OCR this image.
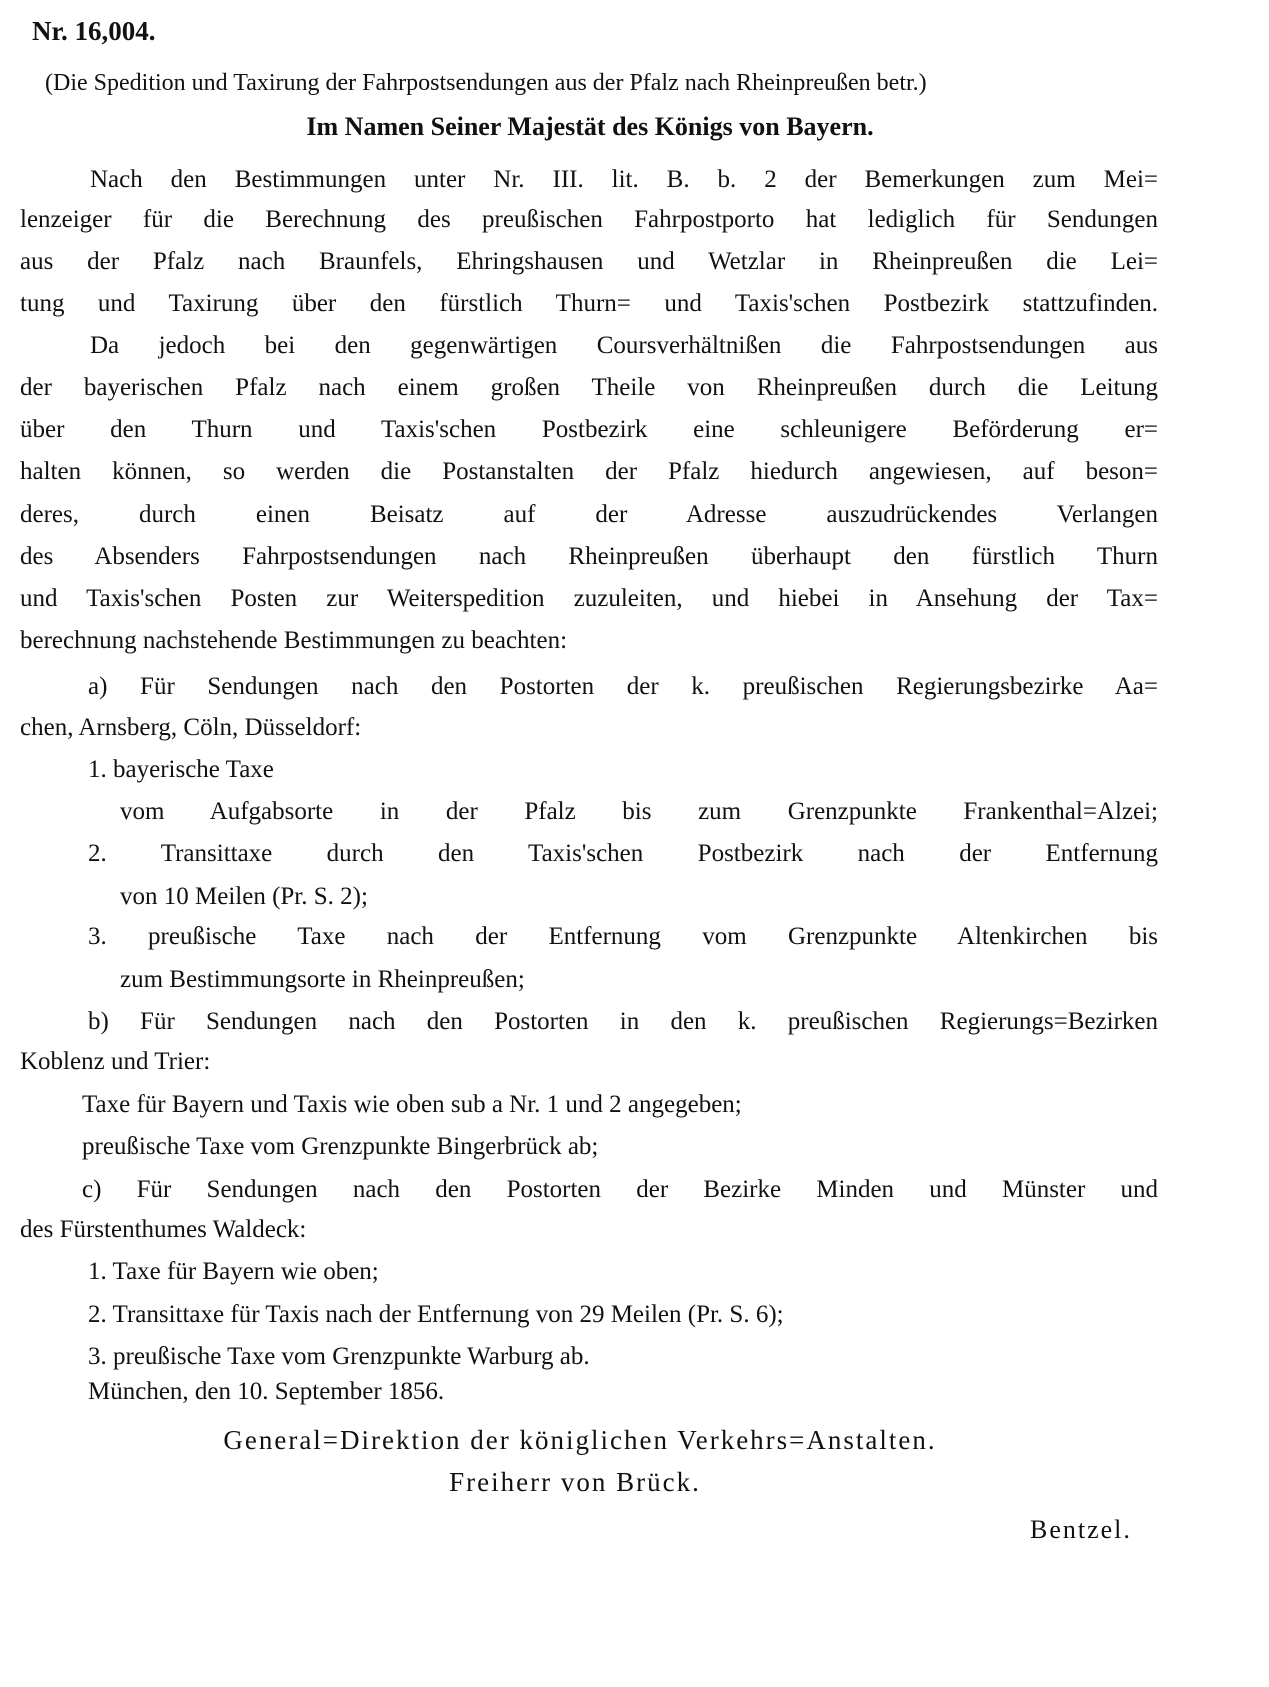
Nr. 16,004.
(Die Spedition und Taxirung der Fahrpostsendungen aus der Pfalz nach Rheinpreußen betr.)
Im Namen Seiner Majestät des Königs von Bayern.
Nach den Bestimmungen unter Nr. III. lit. B. b. 2 der Bemerkungen zum Mei=
lenzeiger für die Berechnung des preußischen Fahrpostporto hat lediglich für Sendungen
aus der Pfalz nach Braunfels, Ehringshausen und Wetzlar in Rheinpreußen die Lei=
tung und Taxirung über den fürstlich Thurn= und Taxis'schen Postbezirk stattzufinden.
Da jedoch bei den gegenwärtigen Coursverhältnißen die Fahrpostsendungen aus
der bayerischen Pfalz nach einem großen Theile von Rheinpreußen durch die Leitung
über den Thurn und Taxis'schen Postbezirk eine schleunigere Beförderung er=
halten können, so werden die Postanstalten der Pfalz hiedurch angewiesen, auf beson=
deres, durch einen Beisatz auf der Adresse auszudrückendes Verlangen
des Absenders Fahrpostsendungen nach Rheinpreußen überhaupt den fürstlich Thurn
und Taxis'schen Posten zur Weiterspedition zuzuleiten, und hiebei in Ansehung der Tax=
berechnung nachstehende Bestimmungen zu beachten:
a) Für Sendungen nach den Postorten der k. preußischen Regierungsbezirke Aa=
chen, Arnsberg, Cöln, Düsseldorf:
1. bayerische Taxe
vom Aufgabsorte in der Pfalz bis zum Grenzpunkte Frankenthal=Alzei;
2. Transittaxe durch den Taxis'schen Postbezirk nach der Entfernung
von 10 Meilen (Pr. S. 2);
3. preußische Taxe nach der Entfernung vom Grenzpunkte Altenkirchen bis
zum Bestimmungsorte in Rheinpreußen;
b) Für Sendungen nach den Postorten in den k. preußischen Regierungs=Bezirken
Koblenz und Trier:
Taxe für Bayern und Taxis wie oben sub a Nr. 1 und 2 angegeben;
preußische Taxe vom Grenzpunkte Bingerbrück ab;
c) Für Sendungen nach den Postorten der Bezirke Minden und Münster und
des Fürstenthumes Waldeck:
1. Taxe für Bayern wie oben;
2. Transittaxe für Taxis nach der Entfernung von 29 Meilen (Pr. S. 6);
3. preußische Taxe vom Grenzpunkte Warburg ab.
München, den 10. September 1856.
General=Direktion der königlichen Verkehrs=Anstalten.
Freiherr von Brück.
Bentzel.
